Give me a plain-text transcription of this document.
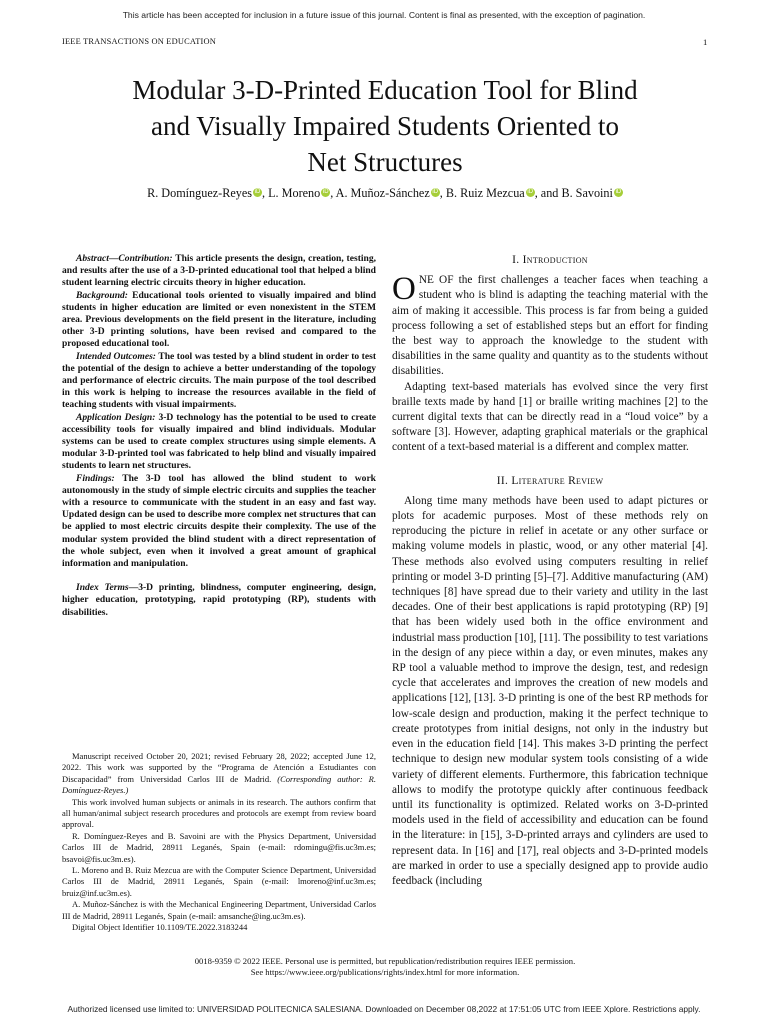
This article has been accepted for inclusion in a future issue of this journal. Content is final as presented, with the exception of pagination.
IEEE TRANSACTIONS ON EDUCATION	1
Modular 3-D-Printed Education Tool for Blind
and Visually Impaired Students Oriented to
Net Structures
R. Domínguez-Reyes iD , L. Moreno iD , A. Muñoz-Sánchez iD , B. Ruiz Mezcua iD , and B. Savoini iD

Abstract—Contribution: This article presents the design, creation, testing, and results after the use of a 3-D-printed educational tool that helped a blind student learning electric circuits theory in higher education.

Background: Educational tools oriented to visually impaired and blind students in higher education are limited or even nonexistent in the STEM area. Previous developments on the field present in the literature, including other 3-D printing solutions, have been revised and compared to the proposed educational tool.

Intended Outcomes: The tool was tested by a blind student in order to test the potential of the design to achieve a better understanding of the topology and performance of electric circuits. The main purpose of the tool described in this work is helping to increase the resources available in the field of teaching students with visual impairments.

Application Design: 3-D technology has the potential to be used to create accessibility tools for visually impaired and blind individuals. Modular systems can be used to create complex structures using simple elements. A modular 3-D-printed tool was fabricated to help blind and visually impaired students to learn net structures.

Findings: The 3-D tool has allowed the blind student to work autonomously in the study of simple electric circuits and supplies the teacher with a resource to communicate with the student in an easy and fast way. Updated design can be used to describe more complex net structures that can be applied to most electric circuits despite their complexity. The use of the modular system provided the blind student with a direct representation of the whole subject, even when it involved a great amount of graphical information and manipulation.

Index Terms—3-D printing, blindness, computer engineering, design, higher education, prototyping, rapid prototyping (RP), students with disabilities.

Manuscript received October 20, 2021; revised February 28, 2022; accepted June 12, 2022. This work was supported by the “Programa de Atención a Estudiantes con Discapacidad” from Universidad Carlos III de Madrid. (Corresponding author: R. Domínguez-Reyes.)

This work involved human subjects or animals in its research. The authors confirm that all human/animal subject research procedures and protocols are exempt from review board approval.

R. Domínguez-Reyes and B. Savoini are with the Physics Department, Universidad Carlos III de Madrid, 28911 Leganés, Spain (e-mail: rdomingu@fis.uc3m.es; bsavoi@fis.uc3m.es).

L. Moreno and B. Ruiz Mezcua are with the Computer Science Department, Universidad Carlos III de Madrid, 28911 Leganés, Spain (e-mail: lmoreno@inf.uc3m.es; bruiz@inf.uc3m.es).

A. Muñoz-Sánchez is with the Mechanical Engineering Department, Universidad Carlos III de Madrid, 28911 Leganés, Spain (e-mail: amsanche@ing.uc3m.es).

Digital Object Identifier 10.1109/TE.2022.3183244

I. Introduction

ONE OF the first challenges a teacher faces when teaching a student who is blind is adapting the teaching material with the aim of making it accessible. This process is far from being a guided process following a set of established steps but an effort for finding the best way to approach the knowledge to the student with disabilities in the same quality and quantity as to the students without disabilities.

Adapting text-based materials has evolved since the very first braille texts made by hand [1] or braille writing machines [2] to the current digital texts that can be directly read in a “loud voice” by a software [3]. However, adapting graphical materials or the graphical content of a text-based material is a different and complex matter.

II. Literature Review

Along time many methods have been used to adapt pictures or plots for academic purposes. Most of these methods rely on reproducing the picture in relief in acetate or any other surface or making volume models in plastic, wood, or any other material [4]. These methods also evolved using computers resulting in relief printing or model 3-D printing [5]–[7]. Additive manufacturing (AM) techniques [8] have spread due to their variety and utility in the last decades. One of their best applications is rapid prototyping (RP) [9] that has been widely used both in the office environment and industrial mass production [10], [11]. The possibility to test variations in the design of any piece within a day, or even minutes, makes any RP tool a valuable method to improve the design, test, and redesign cycle that accelerates and improves the creation of new models and applications [12], [13]. 3-D printing is one of the best RP methods for low-scale design and production, making it the perfect technique to create prototypes from initial designs, not only in the industry but even in the education field [14]. This makes 3-D printing the perfect technique to design new modular system tools consisting of a wide variety of different elements. Furthermore, this fabrication technique allows to modify the prototype quickly after continuous feedback until its functionality is optimized. Related works on 3-D-printed models used in the field of accessibility and education can be found in the literature: in [15], 3-D-printed arrays and cylinders are used to represent data. In [16] and [17], real objects and 3-D-printed models are marked in order to use a specially designed app to provide audio feedback (including

0018-9359 © 2022 IEEE. Personal use is permitted, but republication/redistribution requires IEEE permission.
See https://www.ieee.org/publications/rights/index.html for more information.
Authorized licensed use limited to: UNIVERSIDAD POLITECNICA SALESIANA. Downloaded on December 08,2022 at 17:51:05 UTC from IEEE Xplore. Restrictions apply.
